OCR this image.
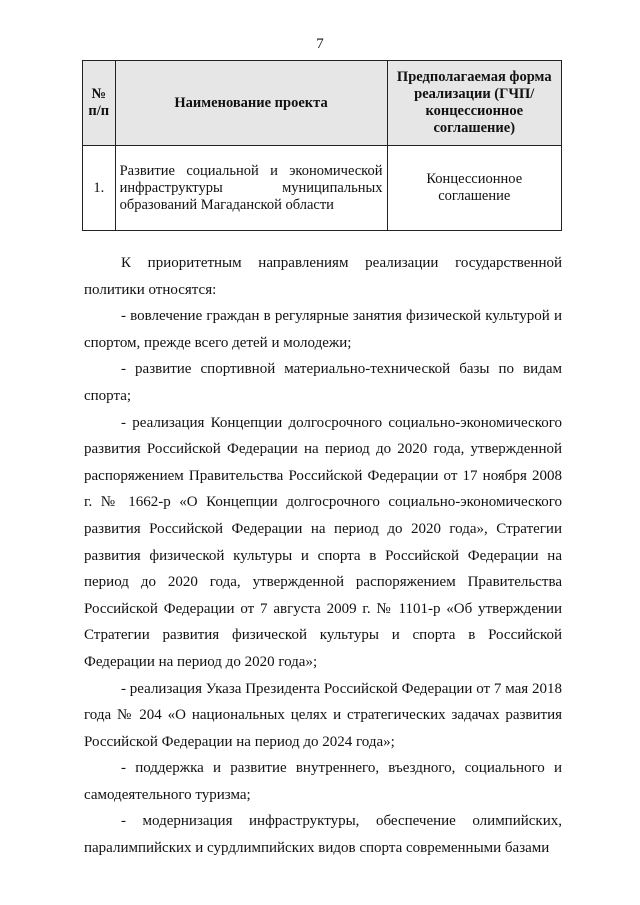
7
№ п/п	Наименование проекта	Предполагаемая форма реализации (ГЧП/ концессионное соглашение)
1.	Развитие социальной и экономической инфраструктуры муниципальных образований Магаданской области	Концессионное соглашение

К приоритетным направлениям реализации государственной политики относятся:

- вовлечение граждан в регулярные занятия физической культурой и спортом, прежде всего детей и молодежи;

- развитие спортивной материально-технической базы по видам спорта;

- реализация Концепции долгосрочного социально-экономического развития Российской Федерации на период до 2020 года, утвержденной распоряжением Правительства Российской Федерации от 17 ноября 2008 г. № 1662-р «О Концепции долгосрочного социально-экономического развития Российской Федерации на период до 2020 года», Стратегии развития физической культуры и спорта в Российской Федерации на период до 2020 года, утвержденной распоряжением Правительства Российской Федерации от 7 августа 2009 г. № 1101-р «Об утверждении Стратегии развития физической культуры и спорта в Российской Федерации на период до 2020 года»;

- реализация Указа Президента Российской Федерации от 7 мая 2018 года № 204 «О национальных целях и стратегических задачах развития Российской Федерации на период до 2024 года»;

- поддержка и развитие внутреннего, въездного, социального и самодеятельного туризма;

- модернизация инфраструктуры, обеспечение олимпийских, паралимпийских и сурдлимпийских видов спорта современными базами
